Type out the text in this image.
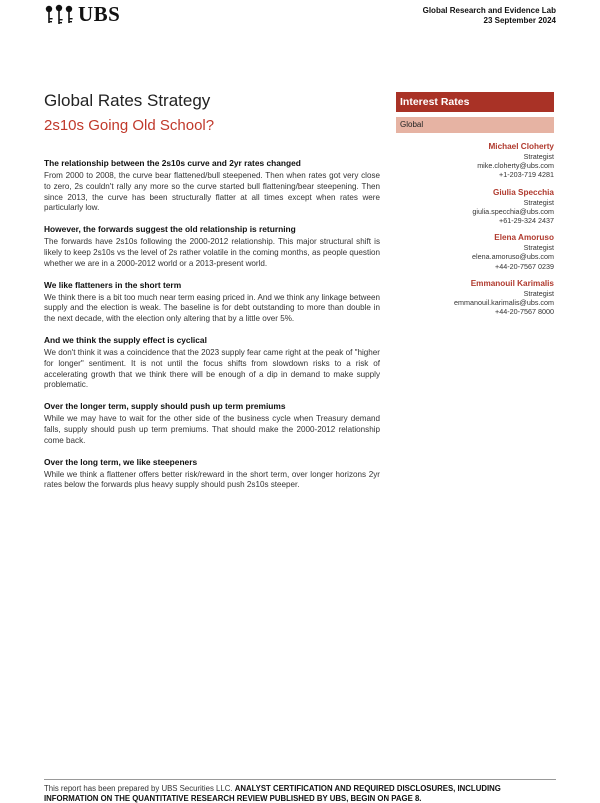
UBS	Global Research and Evidence Lab
23 September 2024
Global Rates Strategy
2s10s Going Old School?
The relationship between the 2s10s curve and 2yr rates changed

From 2000 to 2008, the curve bear flattened/bull steepened. Then when rates got very close to zero, 2s couldn't rally any more so the curve started bull flattening/bear steepening. Then since 2013, the curve has been structurally flatter at all times except when rates were particularly low.

However, the forwards suggest the old relationship is returning

The forwards have 2s10s following the 2000-2012 relationship. This major structural shift is likely to keep 2s10s vs the level of 2s rather volatile in the coming months, as people question whether we are in a 2000-2012 world or a 2013-present world.

We like flatteners in the short term

We think there is a bit too much near term easing priced in. And we think any linkage between supply and the election is weak. The baseline is for debt outstanding to more than double in the next decade, with the election only altering that by a little over 5%.

And we think the supply effect is cyclical

We don't think it was a coincidence that the 2023 supply fear came right at the peak of "higher for longer" sentiment. It is not until the focus shifts from slowdown risks to a risk of accelerating growth that we think there will be enough of a dip in demand to make supply problematic.

Over the longer term, supply should push up term premiums

While we may have to wait for the other side of the business cycle when Treasury demand falls, supply should push up term premiums. That should make the 2000-2012 relationship come back.

Over the long term, we like steepeners

While we think a flattener offers better risk/reward in the short term, over longer horizons 2yr rates below the forwards plus heavy supply should push 2s10s steeper.

Interest Rates
Global
Michael Cloherty
Strategist
mike.cloherty@ubs.com
+1-203-719 4281
Giulia Specchia
Strategist
giulia.specchia@ubs.com
+61-29-324 2437
Elena Amoruso
Strategist
elena.amoruso@ubs.com
+44-20-7567 0239
Emmanouil Karimalis
Strategist
emmanouil.karimalis@ubs.com
+44-20-7567 8000
This report has been prepared by UBS Securities LLC. ANALYST CERTIFICATION AND REQUIRED DISCLOSURES, INCLUDING INFORMATION ON THE QUANTITATIVE RESEARCH REVIEW PUBLISHED BY UBS, BEGIN ON PAGE 8.
